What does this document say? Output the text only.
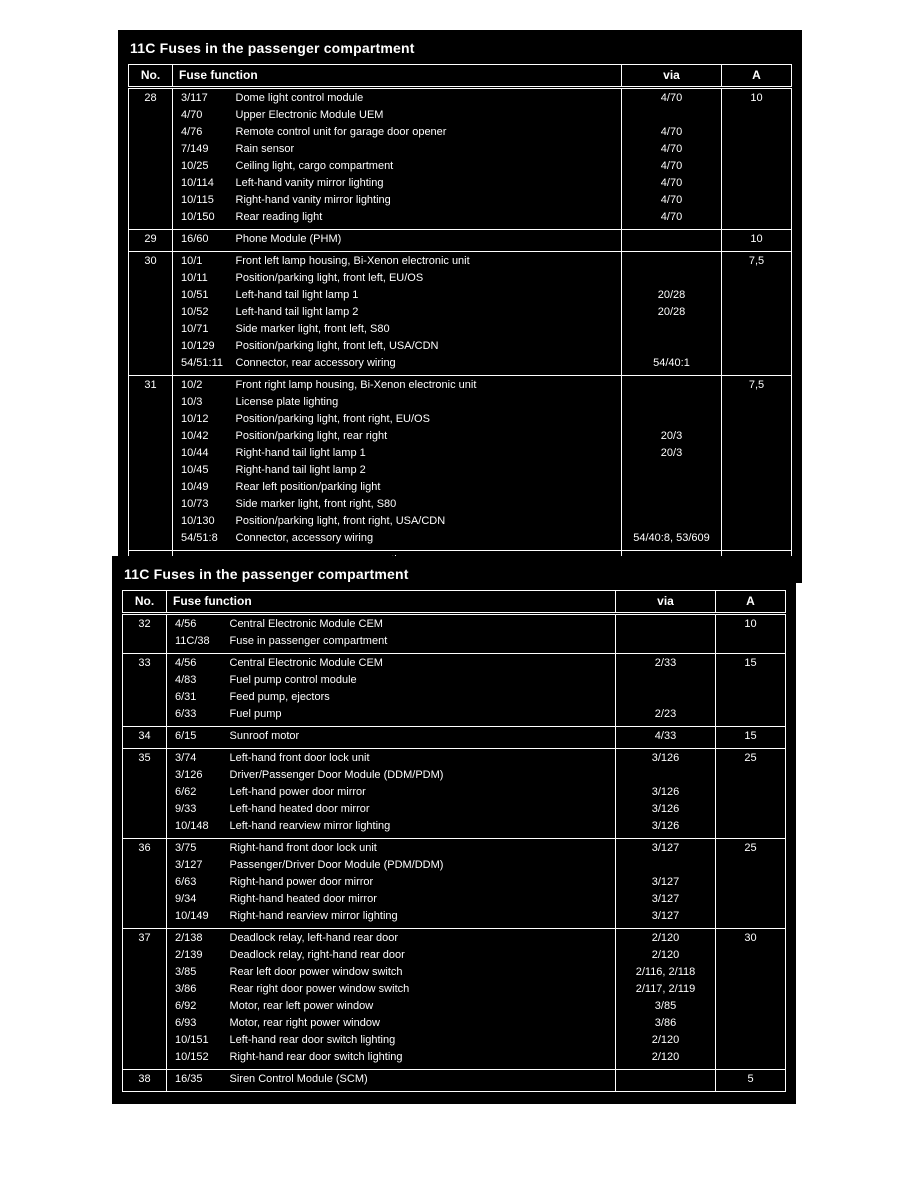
11C Fuses in the passenger compartment
No.	Fuse function		via	A
28	3/117	Dome light control module	4/70	10
	4/70	Upper Electronic Module UEM		
	4/76	Remote control unit for garage door opener	4/70	
	7/149	Rain sensor	4/70	
	10/25	Ceiling light, cargo compartment	4/70	
	10/114	Left-hand vanity mirror lighting	4/70	
	10/115	Right-hand vanity mirror lighting	4/70	
	10/150	Rear reading light	4/70	
29	16/60	Phone Module (PHM)		10
30	10/1	Front left lamp housing, Bi-Xenon electronic unit		7,5
	10/11	Position/parking light, front left, EU/OS		
	10/51	Left-hand tail light lamp 1	20/28	
	10/52	Left-hand tail light lamp 2	20/28	
	10/71	Side marker light, front left, S80		
	10/129	Position/parking light, front left, USA/CDN		
	54/51:11	Connector, rear accessory wiring	54/40:1	
31	10/2	Front right lamp housing, Bi-Xenon electronic unit		7,5
	10/3	License plate lighting		
	10/12	Position/parking light, front right, EU/OS		
	10/42	Position/parking light, rear right	20/3	
	10/44	Right-hand tail light lamp 1	20/3	
	10/45	Right-hand tail light lamp 2		
	10/49	Rear left position/parking light		
	10/73	Side marker light, front right, S80		
	10/130	Position/parking light, front right, USA/CDN		
	54/51:8	Connector, accessory wiring	54/40:8, 53/609	

11C Fuses in the passenger compartment
No.	Fuse function		via	A
32	4/56	Central Electronic Module CEM		10
	11C/38	Fuse in passenger compartment		
33	4/56	Central Electronic Module CEM	2/33	15
	4/83	Fuel pump control module		
	6/31	Feed pump, ejectors		
	6/33	Fuel pump	2/23	
34	6/15	Sunroof motor	4/33	15
35	3/74	Left-hand front door lock unit	3/126	25
	3/126	Driver/Passenger Door Module (DDM/PDM)		
	6/62	Left-hand power door mirror	3/126	
	9/33	Left-hand heated door mirror	3/126	
	10/148	Left-hand rearview mirror lighting	3/126	
36	3/75	Right-hand front door lock unit	3/127	25
	3/127	Passenger/Driver Door Module (PDM/DDM)		
	6/63	Right-hand power door mirror	3/127	
	9/34	Right-hand heated door mirror	3/127	
	10/149	Right-hand rearview mirror lighting	3/127	
37	2/138	Deadlock relay, left-hand rear door	2/120	30
	2/139	Deadlock relay, right-hand rear door	2/120	
	3/85	Rear left door power window switch	2/116, 2/118	
	3/86	Rear right door power window switch	2/117, 2/119	
	6/92	Motor, rear left power window	3/85	
	6/93	Motor, rear right power window	3/86	
	10/151	Left-hand rear door switch lighting	2/120	
	10/152	Right-hand rear door switch lighting	2/120	
38	16/35	Siren Control Module (SCM)		5
